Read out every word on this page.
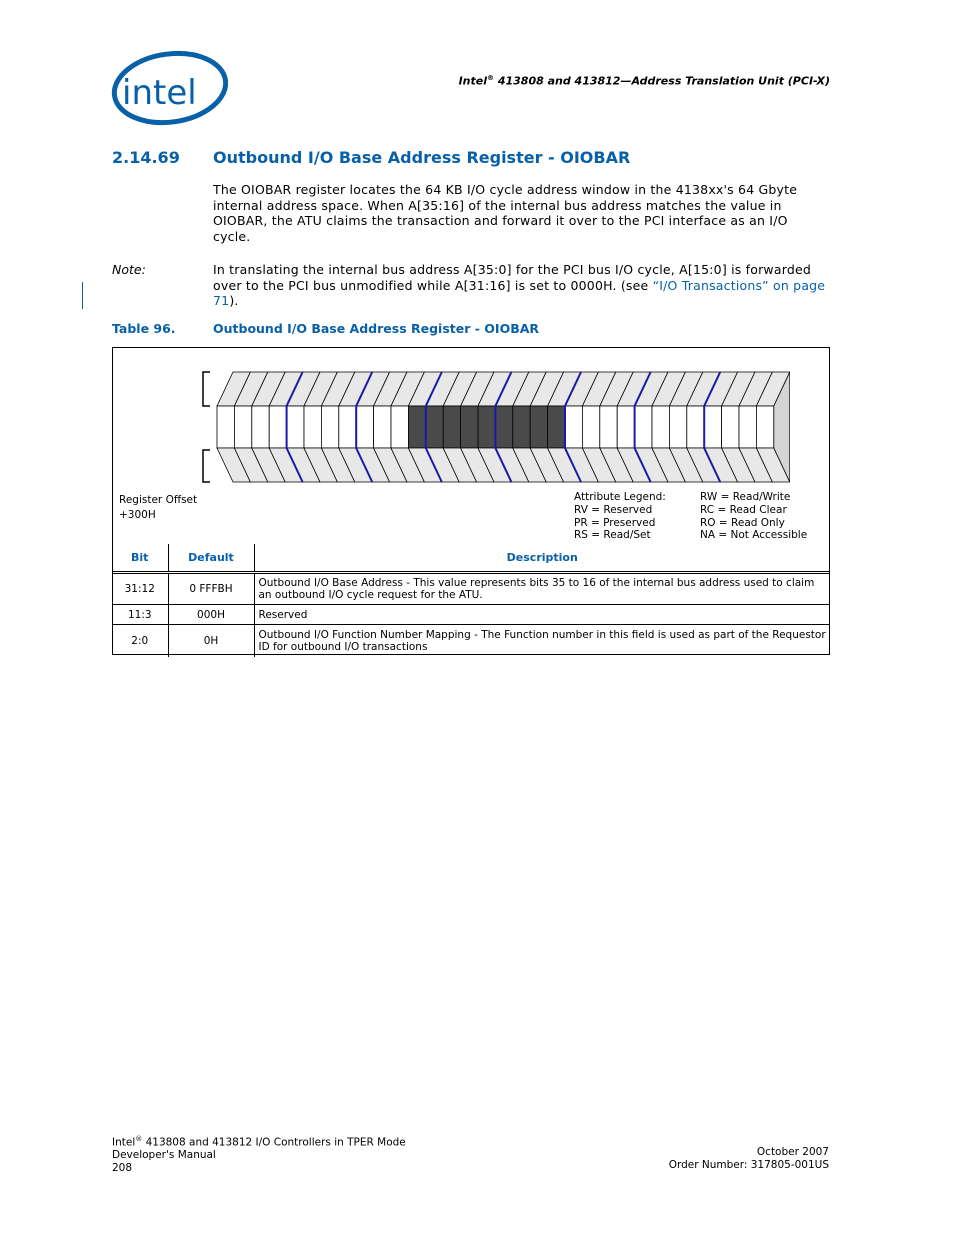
intel	Intel® 413808 and 413812—Address Translation Unit (PCI-X)
2.14.69 Outbound I/O Base Address Register - OIOBAR
The OIOBAR register locates the 64 KB I/O cycle address window in the 4138xx's 64 Gbyte internal address space. When A[35:16] of the internal bus address matches the value in OIOBAR, the ATU claims the transaction and forward it over to the PCI interface as an I/O cycle.
Note:	In translating the internal bus address A[35:0] for the PCI bus I/O cycle, A[15:0] is forwarded over to the PCI bus unmodified while A[31:16] is set to 0000H. (see “I/O Transactions” on page 71).
Table 96.	Outbound I/O Base Address Register - OIOBAR
Register Offset
+300H
Attribute Legend:
RV = Reserved
PR = Preserved
RS = Read/Set
RW = Read/Write
RC = Read Clear
RO = Read Only
NA = Not Accessible
Bit	Default	Description
31:12	0 FFFBH	Outbound I/O Base Address - This value represents bits 35 to 16 of the internal bus address used to claim an outbound I/O cycle request for the ATU.
11:3	000H	Reserved
2:0	0H	Outbound I/O Function Number Mapping - The Function number in this field is used as part of the Requestor ID for outbound I/O transactions
Intel® 413808 and 413812 I/O Controllers in TPER Mode
Developer's Manual
208
October 2007
Order Number: 317805-001US
